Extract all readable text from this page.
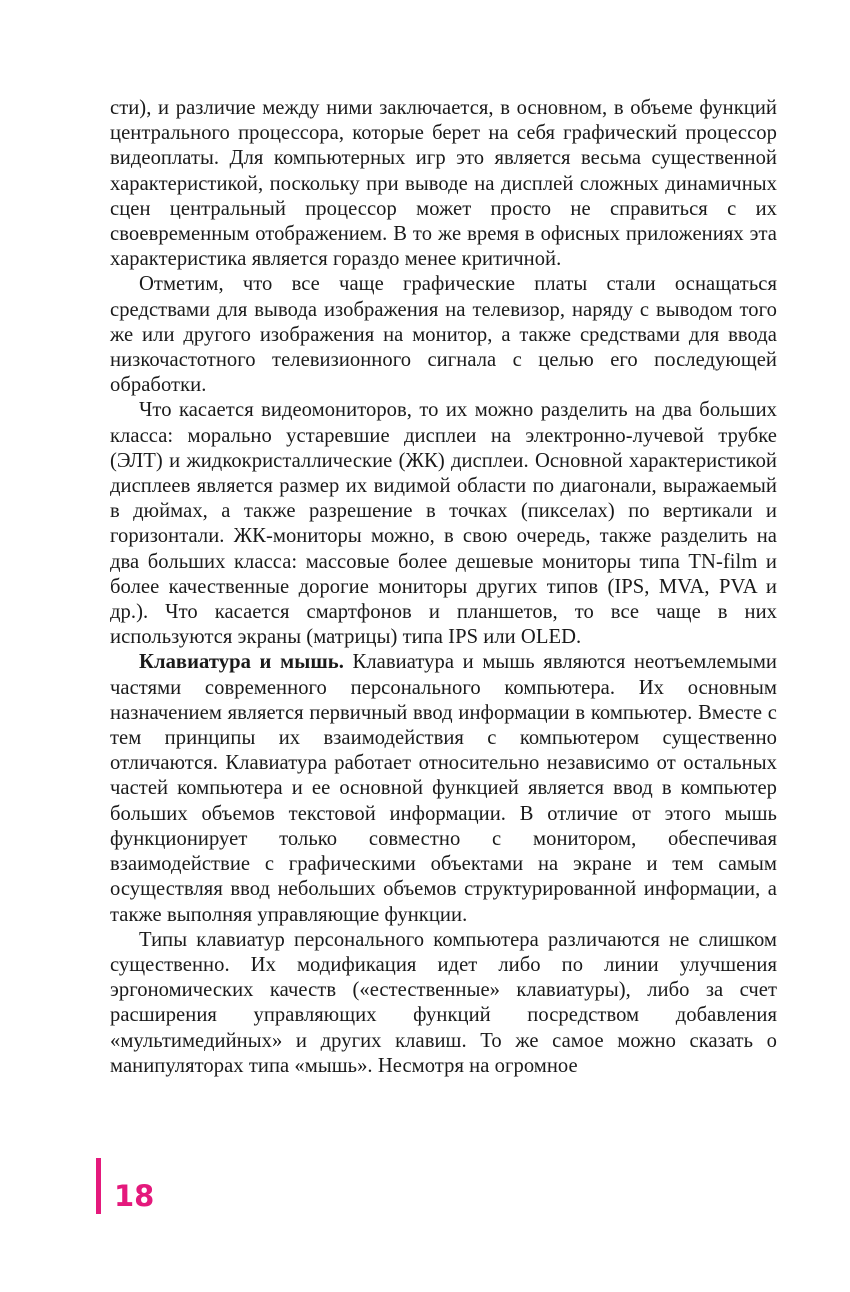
сти), и различие между ними заключается, в основном, в объеме функций центрального процессора, которые берет на себя графический процессор видеоплаты. Для компьютерных игр это является весьма существенной характеристикой, поскольку при выводе на дисплей сложных динамичных сцен центральный процессор может просто не справиться с их своевременным отображением. В то же время в офисных приложениях эта характеристика является гораздо менее критичной.

Отметим, что все чаще графические платы стали оснащаться средствами для вывода изображения на телевизор, наряду с выводом того же или другого изображения на монитор, а также средствами для ввода низкочастотного телевизионного сигнала с целью его последующей обработки.

Что касается видеомониторов, то их можно разделить на два больших класса: морально устаревшие дисплеи на электронно-лучевой трубке (ЭЛТ) и жидкокристаллические (ЖК) дисплеи. Основной характеристикой дисплеев является размер их видимой области по диагонали, выражаемый в дюймах, а также разрешение в точках (пикселах) по вертикали и горизонтали. ЖК-мониторы можно, в свою очередь, также разделить на два больших класса: массовые более дешевые мониторы типа TN-film и более качественные дорогие мониторы других типов (IPS, MVA, PVA и др.). Что касается смартфонов и планшетов, то все чаще в них используются экраны (матрицы) типа IPS или OLED.

Клавиатура и мышь. Клавиатура и мышь являются неотъемлемыми частями современного персонального компьютера. Их основным назначением является первичный ввод информации в компьютер. Вместе с тем принципы их взаимодействия с компьютером существенно отличаются. Клавиатура работает относительно независимо от остальных частей компьютера и ее основной функцией является ввод в компьютер больших объемов текстовой информации. В отличие от этого мышь функционирует только совместно с монитором, обеспечивая взаимодействие с графическими объектами на экране и тем самым осуществляя ввод небольших объемов структурированной информации, а также выполняя управляющие функции.

Типы клавиатур персонального компьютера различаются не слишком существенно. Их модификация идет либо по линии улучшения эргономических качеств («естественные» клавиатуры), либо за счет расширения управляющих функций посредством добавления «мультимедийных» и других клавиш. То же самое можно сказать о манипуляторах типа «мышь». Несмотря на огромное

18
